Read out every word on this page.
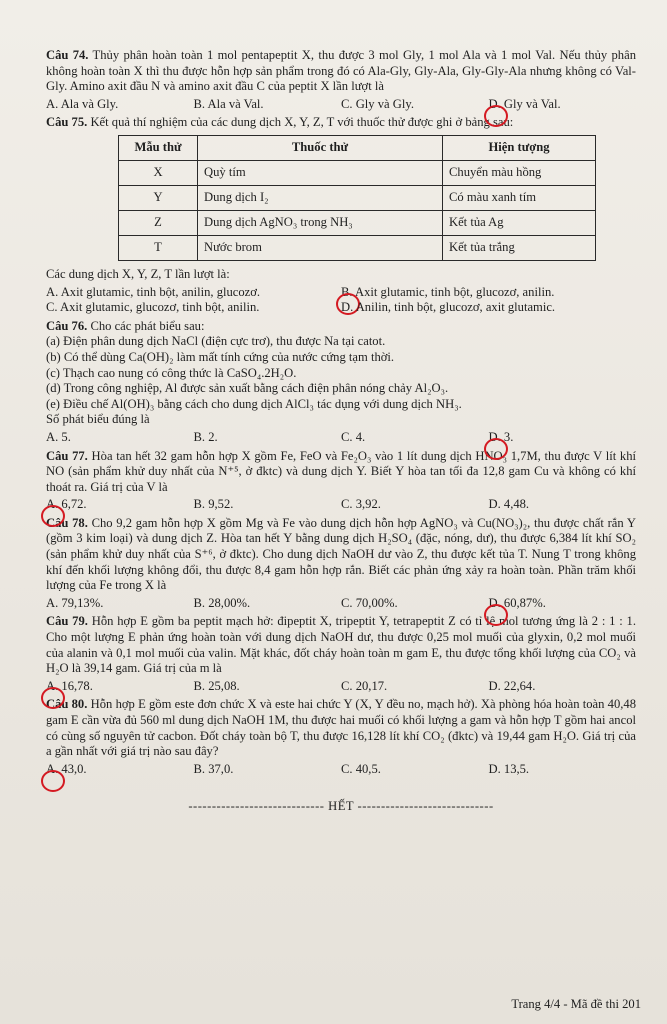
Câu 74. Thủy phân hoàn toàn 1 mol pentapeptit X, thu được 3 mol Gly, 1 mol Ala và 1 mol Val. Nếu thủy phân không hoàn toàn X thì thu được hỗn hợp sản phẩm trong đó có Ala-Gly, Gly-Ala, Gly-Gly-Ala nhưng không có Val-Gly. Amino axit đầu N và amino axit đầu C của peptit X lần lượt là

A. Ala và Gly.	B. Ala và Val.	C. Gly và Gly.	D. Gly và Val.

Câu 75. Kết quả thí nghiệm của các dung dịch X, Y, Z, T với thuốc thử được ghi ở bảng sau:

Mẫu thử	Thuốc thử	Hiện tượng
X	Quỳ tím	Chuyển màu hồng
Y	Dung dịch I₂	Có màu xanh tím
Z	Dung dịch AgNO₃ trong NH₃	Kết tủa Ag
T	Nước brom	Kết tủa trắng

Các dung dịch X, Y, Z, T lần lượt là:

A. Axit glutamic, tinh bột, anilin, glucozơ.	B. Axit glutamic, tinh bột, glucozơ, anilin.
C. Axit glutamic, glucozơ, tinh bột, anilin.	D. Anilin, tinh bột, glucozơ, axit glutamic.

Câu 76. Cho các phát biểu sau:

(a) Điện phân dung dịch NaCl (điện cực trơ), thu được Na tại catot.

(b) Có thể dùng Ca(OH)₂ làm mất tính cứng của nước cứng tạm thời.

(c) Thạch cao nung có công thức là CaSO₄.2H₂O.

(d) Trong công nghiệp, Al được sản xuất bằng cách điện phân nóng chảy Al₂O₃.

(e) Điều chế Al(OH)₃ bằng cách cho dung dịch AlCl₃ tác dụng với dung dịch NH₃.

Số phát biểu đúng là

A. 5.	B. 2.	C. 4.	D. 3.

Câu 77. Hòa tan hết 32 gam hỗn hợp X gồm Fe, FeO và Fe₂O₃ vào 1 lít dung dịch HNO₃ 1,7M, thu được V lít khí NO (sản phẩm khử duy nhất của N⁺⁵, ở đktc) và dung dịch Y. Biết Y hòa tan tối đa 12,8 gam Cu và không có khí thoát ra. Giá trị của V là

A. 6,72.	B. 9,52.	C. 3,92.	D. 4,48.

Câu 78. Cho 9,2 gam hỗn hợp X gồm Mg và Fe vào dung dịch hỗn hợp AgNO₃ và Cu(NO₃)₂, thu được chất rắn Y (gồm 3 kim loại) và dung dịch Z. Hòa tan hết Y bằng dung dịch H₂SO₄ (đặc, nóng, dư), thu được 6,384 lít khí SO₂ (sản phẩm khử duy nhất của S⁺⁶, ở đktc). Cho dung dịch NaOH dư vào Z, thu được kết tủa T. Nung T trong không khí đến khối lượng không đổi, thu được 8,4 gam hỗn hợp rắn. Biết các phản ứng xảy ra hoàn toàn. Phần trăm khối lượng của Fe trong X là

A. 79,13%.	B. 28,00%.	C. 70,00%.	D. 60,87%.

Câu 79. Hỗn hợp E gồm ba peptit mạch hở: đipeptit X, tripeptit Y, tetrapeptit Z có tỉ lệ mol tương ứng là 2 : 1 : 1. Cho một lượng E phản ứng hoàn toàn với dung dịch NaOH dư, thu được 0,25 mol muối của glyxin, 0,2 mol muối của alanin và 0,1 mol muối của valin. Mặt khác, đốt cháy hoàn toàn m gam E, thu được tổng khối lượng của CO₂ và H₂O là 39,14 gam. Giá trị của m là

A. 16,78.	B. 25,08.	C. 20,17.	D. 22,64.

Câu 80. Hỗn hợp E gồm este đơn chức X và este hai chức Y (X, Y đều no, mạch hở). Xà phòng hóa hoàn toàn 40,48 gam E cần vừa đủ 560 ml dung dịch NaOH 1M, thu được hai muối có khối lượng a gam và hỗn hợp T gồm hai ancol có cùng số nguyên tử cacbon. Đốt cháy toàn bộ T, thu được 16,128 lít khí CO₂ (đktc) và 19,44 gam H₂O. Giá trị của a gần nhất với giá trị nào sau đây?

A. 43,0.	B. 37,0.	C. 40,5.	D. 13,5.
----------------------------- HẾT -----------------------------
Trang 4/4 - Mã đề thi 201
